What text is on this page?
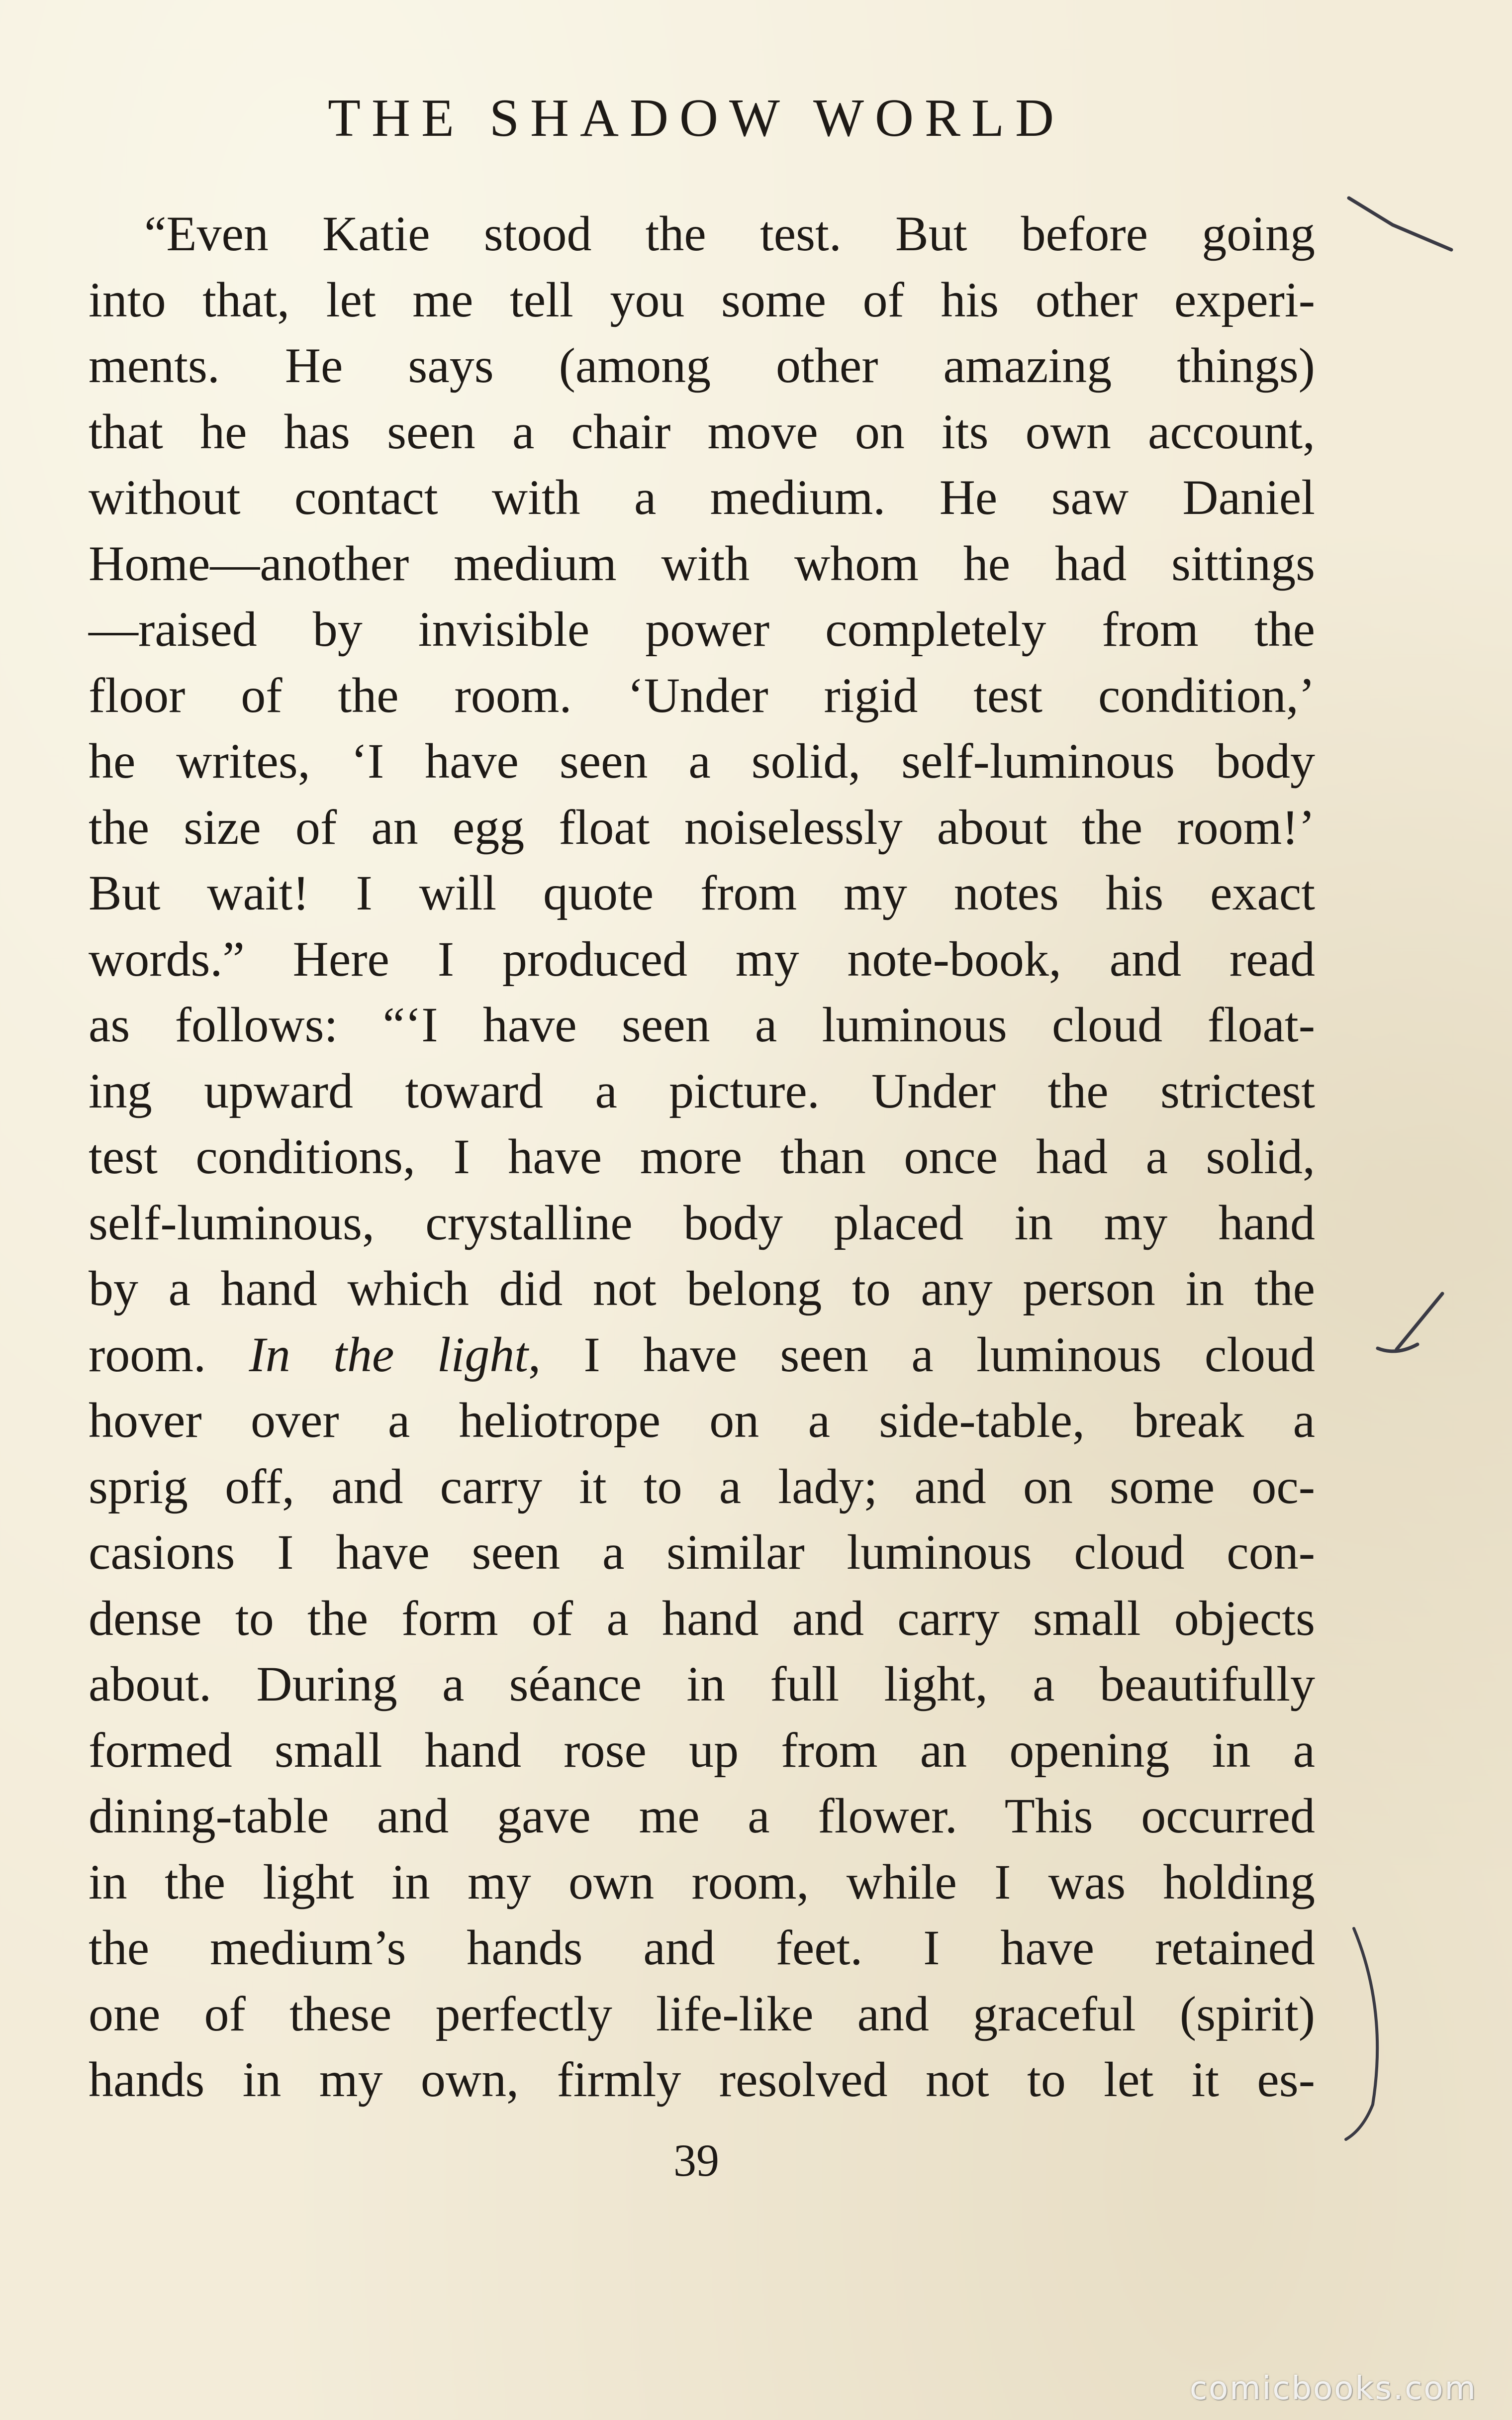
THE SHADOW WORLD
“Even Katie stood the test. But before going
into that, let me tell you some of his other experi-
ments. He says (among other amazing things)
that he has seen a chair move on its own account,
without contact with a medium. He saw Daniel
Home—another medium with whom he had sittings
—raised by invisible power completely from the
floor of the room. ‘Under rigid test condition,’
he writes, ‘I have seen a solid, self-luminous body
the size of an egg float noiselessly about the room!’
But wait! I will quote from my notes his exact
words.” Here I produced my note-book, and read
as follows: “‘I have seen a luminous cloud float-
ing upward toward a picture. Under the strictest
test conditions, I have more than once had a solid,
self-luminous, crystalline body placed in my hand
by a hand which did not belong to any person in the
room. In the light, I have seen a luminous cloud
hover over a heliotrope on a side-table, break a
sprig off, and carry it to a lady; and on some oc-
casions I have seen a similar luminous cloud con-
dense to the form of a hand and carry small objects
about. During a séance in full light, a beautifully
formed small hand rose up from an opening in a
dining-table and gave me a flower. This occurred
in the light in my own room, while I was holding
the medium’s hands and feet. I have retained
one of these perfectly life-like and graceful (spirit)
hands in my own, firmly resolved not to let it es-
39
comicbooks.com
